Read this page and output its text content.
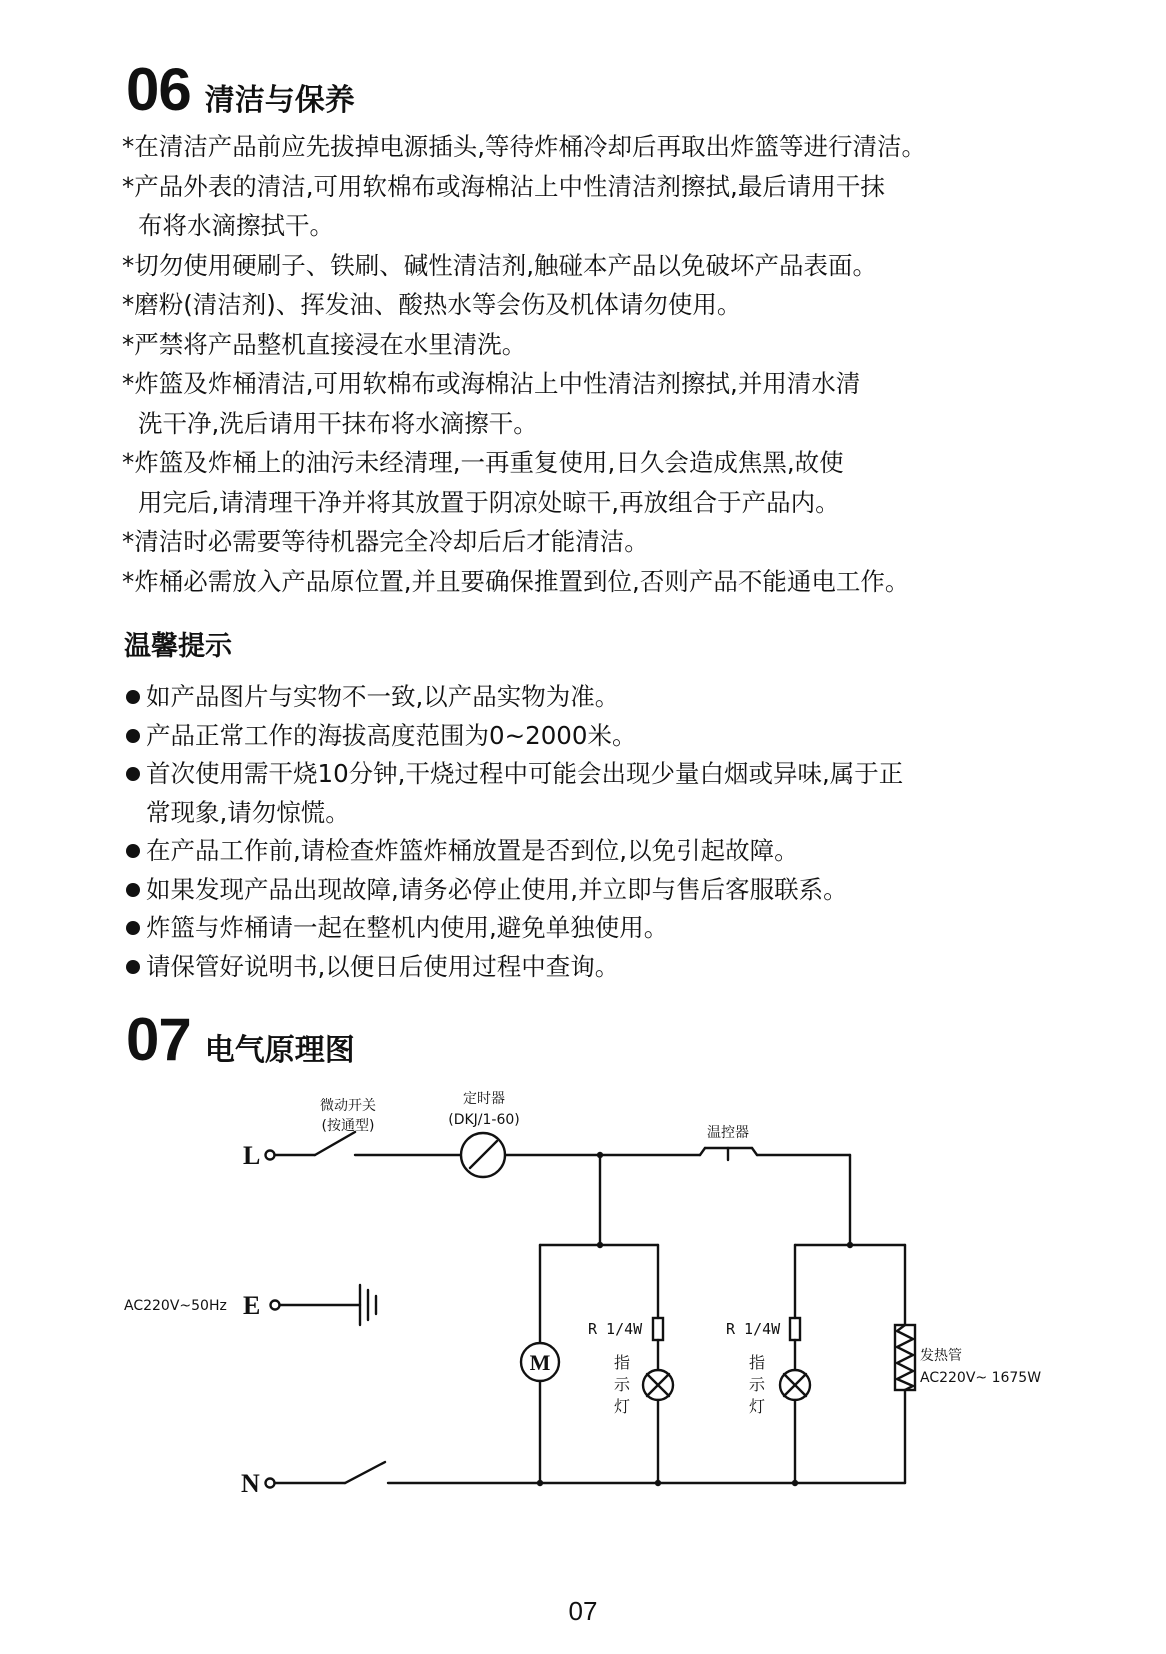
06 清洁与保养
*在清洁产品前应先拔掉电源插头,等待炸桶冷却后再取出炸篮等进行清洁。
*产品外表的清洁,可用软棉布或海棉沾上中性清洁剂擦拭,最后请用干抹
布将水滴擦拭干。
*切勿使用硬刷子、铁刷、碱性清洁剂,触碰本产品以免破坏产品表面。
*磨粉(清洁剂)、挥发油、酸热水等会伤及机体请勿使用。
*严禁将产品整机直接浸在水里清洗。
*炸篮及炸桶清洁,可用软棉布或海棉沾上中性清洁剂擦拭,并用清水清
洗干净,洗后请用干抹布将水滴擦干。
*炸篮及炸桶上的油污未经清理,一再重复使用,日久会造成焦黑,故使
用完后,请清理干净并将其放置于阴凉处晾干,再放组合于产品内。
*清洁时必需要等待机器完全冷却后后才能清洁。
*炸桶必需放入产品原位置,并且要确保推置到位,否则产品不能通电工作。
温馨提示
如产品图片与实物不一致,以产品实物为准。
产品正常工作的海拔高度范围为0~2000米。
首次使用需干烧10分钟,干烧过程中可能会出现少量白烟或异味,属于正
常现象,请勿惊慌。
在产品工作前,请检查炸篮炸桶放置是否到位,以免引起故障。
如果发现产品出现故障,请务必停止使用,并立即与售后客服联系。
炸篮与炸桶请一起在整机内使用,避免单独使用。
请保管好说明书,以便日后使用过程中查询。
07 电气原理图
L
E
N
M
微动开关
(按通型)
定时器
(DKJ/1-60)
温控器
AC220V~50Hz
发热管
AC220V~ 1675W
R 1/4W	R 1/4W
指
示
灯
指
示
灯
07
